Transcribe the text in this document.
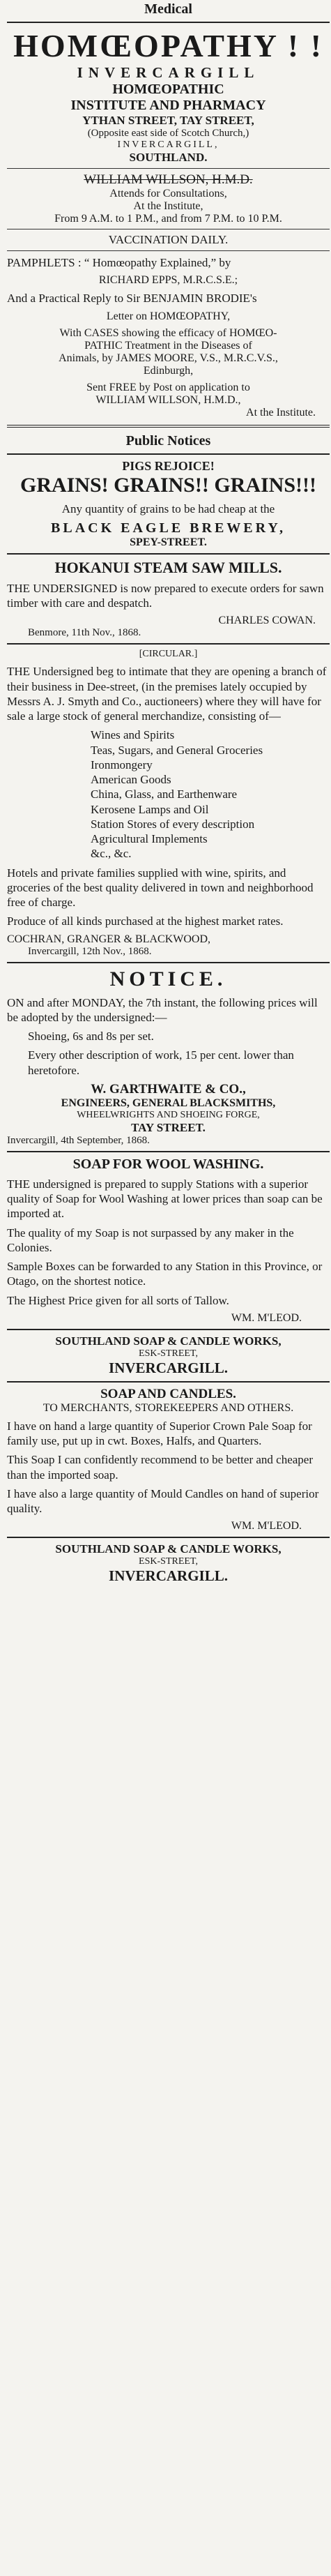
Medical
HOMŒOPATHY ! !
INVERCARGILL
HOMŒOPATHIC
INSTITUTE AND PHARMACY
YTHAN STREET, TAY STREET,
(Opposite east side of Scotch Church,)
INVERCARGILL,
SOUTHLAND.
WILLIAM WILLSON, H.M.D.
Attends for Consultations,
At the Institute,
From 9 A.M. to 1 P.M., and from 7 P.M. to 10 P.M.
VACCINATION DAILY.

PAMPHLETS : “ Homœopathy Explained,” by

RICHARD EPPS, M.R.C.S.E.;

And a Practical Reply to Sir BENJAMIN BRODIE's

Letter on HOMŒOPATHY,
With CASES showing the efficacy of HOMŒO-
PATHIC Treatment in the Diseases of
Animals, by JAMES MOORE, V.S., M.R.C.V.S.,
Edinburgh,
Sent FREE by Post on application to
WILLIAM WILLSON, H.M.D.,
At the Institute.
Public Notices
PIGS REJOICE!
GRAINS! GRAINS!! GRAINS!!!

Any quantity of grains to be had cheap at the

BLACK EAGLE BREWERY,
SPEY-STREET.
HOKANUI STEAM SAW MILLS.

THE UNDERSIGNED is now prepared to execute orders for sawn timber with care and despatch.

CHARLES COWAN.
Benmore, 11th Nov., 1868.
[CIRCULAR.]

THE Undersigned beg to intimate that they are opening a branch of their business in Dee-street, (in the premises lately occupied by Messrs A. J. Smyth and Co., auctioneers) where they will have for sale a large stock of general merchandize, consisting of—

Wines and Spirits
Teas, Sugars, and General Groceries
Ironmongery
American Goods
China, Glass, and Earthenware
Kerosene Lamps and Oil
Station Stores of every description
Agricultural Implements
&c., &c.

Hotels and private families supplied with wine, spirits, and groceries of the best quality delivered in town and neighborhood free of charge.

Produce of all kinds purchased at the highest market rates.

COCHRAN, GRANGER & BLACKWOOD,
Invercargill, 12th Nov., 1868.
NOTICE.

ON and after MONDAY, the 7th instant, the following prices will be adopted by the undersigned:—

Shoeing, 6s and 8s per set.

Every other description of work, 15 per cent. lower than heretofore.

W. GARTHWAITE & CO.,
ENGINEERS, GENERAL BLACKSMITHS,
WHEELWRIGHTS AND SHOEING FORGE,
TAY STREET.
Invercargill, 4th September, 1868.
SOAP FOR WOOL WASHING.

THE undersigned is prepared to supply Stations with a superior quality of Soap for Wool Washing at lower prices than soap can be imported at.

The quality of my Soap is not surpassed by any maker in the Colonies.

Sample Boxes can be forwarded to any Station in this Province, or Otago, on the shortest notice.

The Highest Price given for all sorts of Tallow.

WM. M'LEOD.
SOUTHLAND SOAP & CANDLE WORKS,
ESK-STREET,
INVERCARGILL.
SOAP AND CANDLES.
TO MERCHANTS, STOREKEEPERS AND OTHERS.

I have on hand a large quantity of Superior Crown Pale Soap for family use, put up in cwt. Boxes, Halfs, and Quarters.

This Soap I can confidently recommend to be better and cheaper than the imported soap.

I have also a large quantity of Mould Candles on hand of superior quality.

WM. M'LEOD.
SOUTHLAND SOAP & CANDLE WORKS,
ESK-STREET,
INVERCARGILL.
